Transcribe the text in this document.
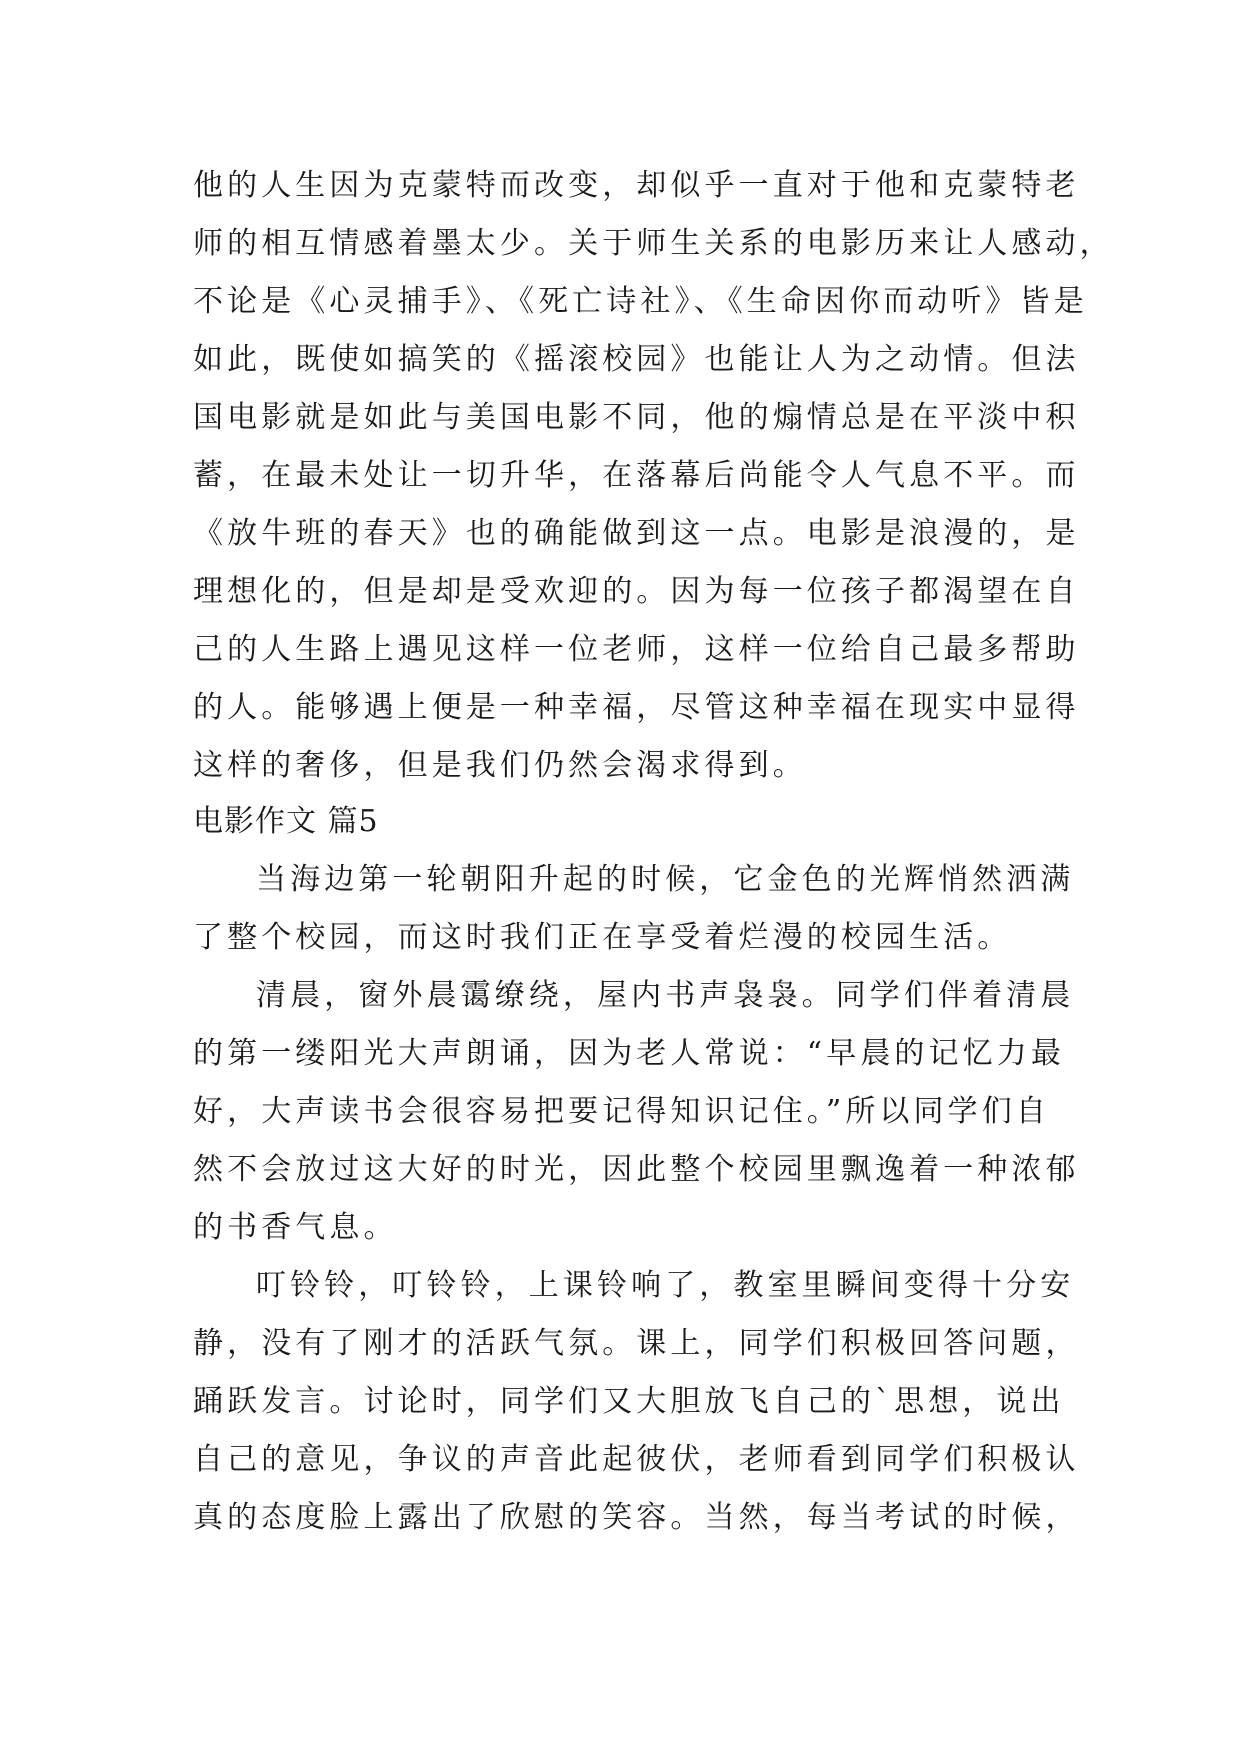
他的人生因为克蒙特而改变，却似乎一直对于他和克蒙特老
师的相互情感着墨太少。关于师生关系的电影历来让人感动，
不论是《心灵捕手》、《死亡诗社》、《生命因你而动听》皆是
如此，既使如搞笑的《摇滚校园》也能让人为之动情。但法
国电影就是如此与美国电影不同，他的煽情总是在平淡中积
蓄，在最未处让一切升华，在落幕后尚能令人气息不平。而
《放牛班的春天》也的确能做到这一点。电影是浪漫的，是
理想化的，但是却是受欢迎的。因为每一位孩子都渴望在自
己的人生路上遇见这样一位老师，这样一位给自己最多帮助
的人。能够遇上便是一种幸福，尽管这种幸福在现实中显得
这样的奢侈，但是我们仍然会渴求得到。
电影作文 篇5
当海边第一轮朝阳升起的时候，它金色的光辉悄然洒满
了整个校园，而这时我们正在享受着烂漫的校园生活。
清晨，窗外晨霭缭绕，屋内书声袅袅。同学们伴着清晨
的第一缕阳光大声朗诵，因为老人常说：“早晨的记忆力最
好，大声读书会很容易把要记得知识记住。”所以同学们自
然不会放过这大好的时光，因此整个校园里飘逸着一种浓郁
的书香气息。
叮铃铃，叮铃铃，上课铃响了，教室里瞬间变得十分安
静，没有了刚才的活跃气氛。课上，同学们积极回答问题，
踊跃发言。讨论时，同学们又大胆放飞自己的`思想，说出
自己的意见，争议的声音此起彼伏，老师看到同学们积极认
真的态度脸上露出了欣慰的笑容。当然，每当考试的时候，
